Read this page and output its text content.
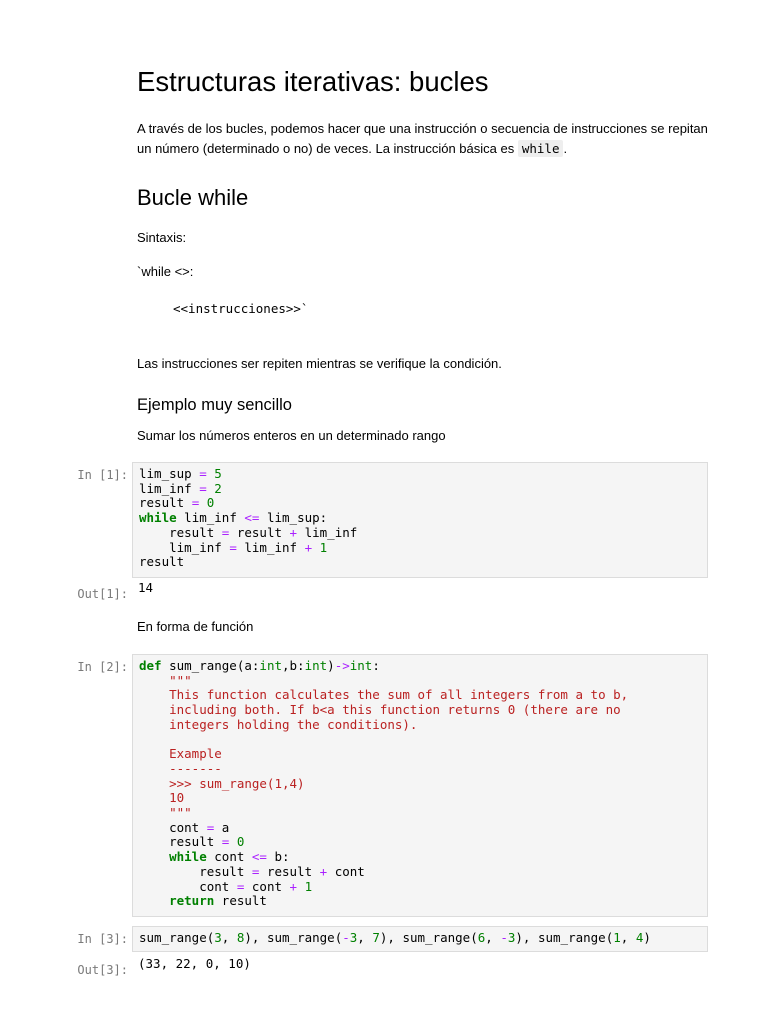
Estructuras iterativas: bucles

A través de los bucles, podemos hacer que una instrucción o secuencia de instrucciones se repitan un número (determinado o no) de veces. La instrucción básica es while .

Bucle while

Sintaxis:

`while <>:

<<instrucciones>>`

Las instrucciones ser repiten mientras se verifique la condición.

Ejemplo muy sencillo

Sumar los números enteros en un determinado rango

In [1]: lim_sup = 5
lim_inf = 2
result = 0
while lim_inf <= lim_sup:
result = result + lim_inf
lim_inf = lim_inf + 1
result
Out[1]: 14

En forma de función

In [2]: def sum_range(a:int,b:int)->int:
"""
This function calculates the sum of all integers from a to b,
including both. If b<a this function returns 0 (there are no
integers holding the conditions).

Example
-------
>>> sum_range(1,4)
10
"""
cont = a
result = 0
while cont <= b:
result = result + cont
cont = cont + 1
return result
In [3]: sum_range(3, 8), sum_range(-3, 7), sum_range(6, -3), sum_range(1, 4)
Out[3]: (33, 22, 0, 10)
